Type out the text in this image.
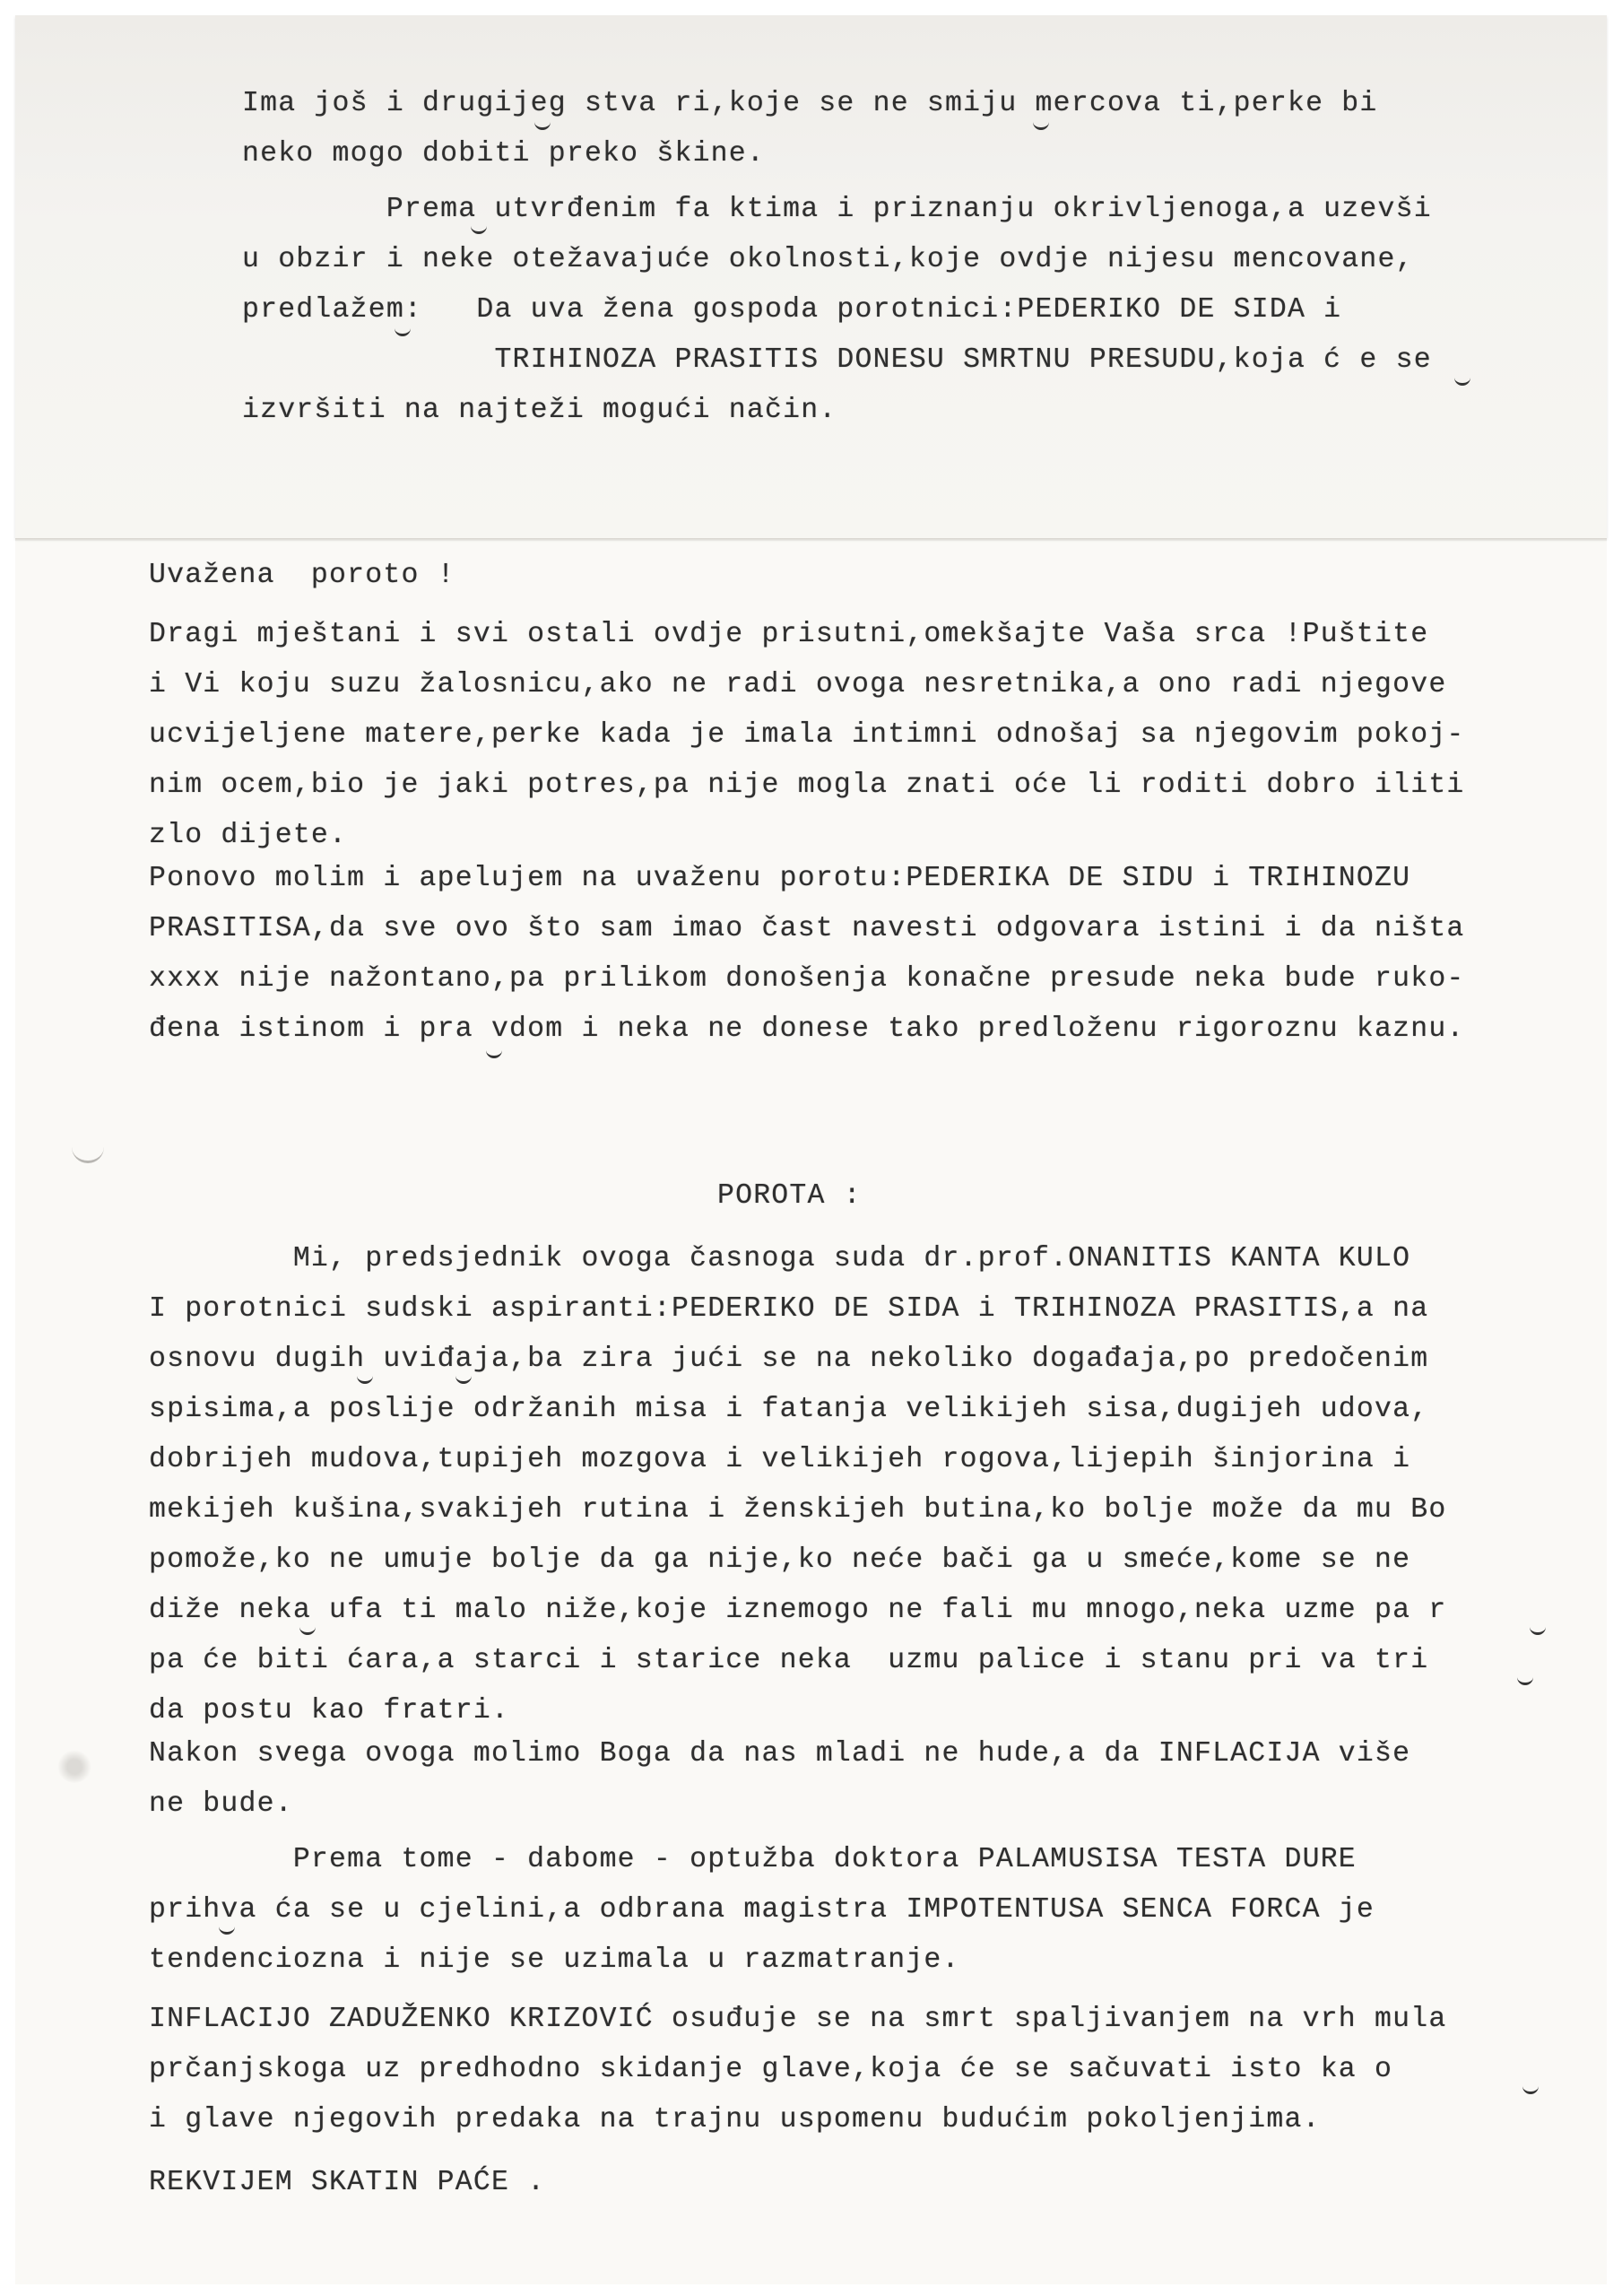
Ima još i drugijeg stva ri,koje se ne smiju mercova ti,perke bi
neko mogo dobiti preko škine.
Prema utvrđenim fa ktima i priznanju okrivljenoga,a uzevši
u obzir i neke otežavajuće okolnosti,koje ovdje nijesu mencovane,
predlažem:   Da uva žena gospoda porotnici:PEDERIKO DE SIDA i
TRIHINOZA PRASITIS DONESU SMRTNU PRESUDU,koja ć e se
izvršiti na najteži mogući način.
Uvažena  poroto !
Dragi mještani i svi ostali ovdje prisutni,omekšajte Vaša srca !Puštite
i Vi koju suzu žalosnicu,ako ne radi ovoga nesretnika,a ono radi njegove
ucvijeljene matere,perke kada je imala intimni odnošaj sa njegovim pokoj-
nim ocem,bio je jaki potres,pa nije mogla znati oće li roditi dobro iliti
zlo dijete.
Ponovo molim i apelujem na uvaženu porotu:PEDERIKA DE SIDU i TRIHINOZU
PRASITISA,da sve ovo što sam imao čast navesti odgovara istini i da ništa
xxxx nije nažontano,pa prilikom donošenja konačne presude neka bude ruko-
đena istinom i pra vdom i neka ne donese tako predloženu rigoroznu kaznu.
POROTA :
Mi, predsjednik ovoga časnoga suda dr.prof.ONANITIS KANTA KULO
I porotnici sudski aspiranti:PEDERIKO DE SIDA i TRIHINOZA PRASITIS,a na
osnovu dugih uviđaja,ba zira jući se na nekoliko događaja,po predočenim
spisima,a poslije održanih misa i fatanja velikijeh sisa,dugijeh udova,
dobrijeh mudova,tupijeh mozgova i velikijeh rogova,lijepih šinjorina i
mekijeh kušina,svakijeh rutina i ženskijeh butina,ko bolje može da mu Bo
pomože,ko ne umuje bolje da ga nije,ko neće bači ga u smeće,kome se ne
diže neka ufa ti malo niže,koje iznemogo ne fali mu mnogo,neka uzme pa r
pa će biti ćara,a starci i starice neka  uzmu palice i stanu pri va tri
da postu kao fratri.
Nakon svega ovoga molimo Boga da nas mladi ne hude,a da INFLACIJA više
ne bude.
Prema tome - dabome - optužba doktora PALAMUSISA TESTA DURE
prihva ća se u cjelini,a odbrana magistra IMPOTENTUSA SENCA FORCA je
tendenciozna i nije se uzimala u razmatranje.
INFLACIJO ZADUŽENKO KRIZOVIĆ osuđuje se na smrt spaljivanjem na vrh mula
prčanjskoga uz predhodno skidanje glave,koja će se sačuvati isto ka o
i glave njegovih predaka na trajnu uspomenu budućim pokoljenjima.
REKVIJEM SKATIN PAĆE .
